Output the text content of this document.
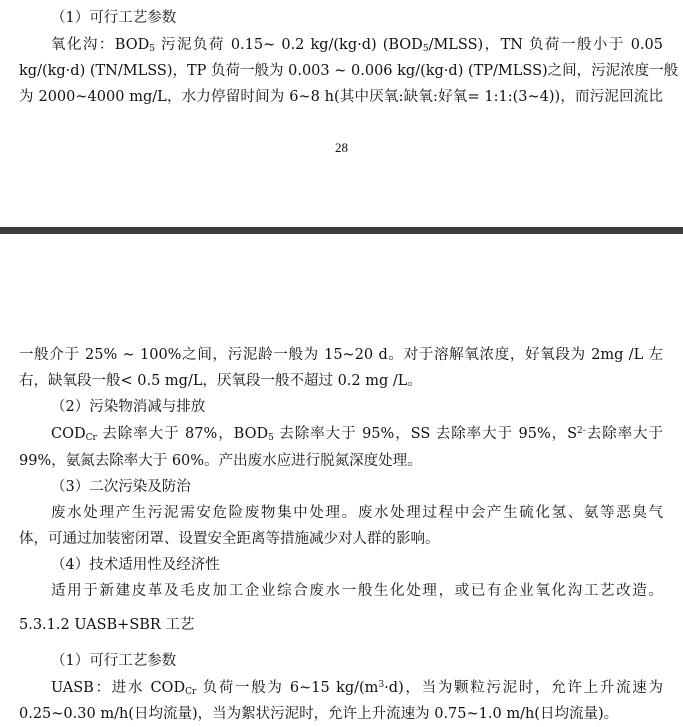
（1）可行工艺参数
氧化沟：$BOD_5$ 污泥负荷 0.15~ 0.2 kg/(kg·d) $(BOD_5/MLSS)$，TN 负荷一般小于 0.05
kg/(kg·d) (TN/MLSS)，TP 负荷一般为 0.003 ~ 0.006 kg/(kg·d) (TP/MLSS)之间，污泥浓度一般
为 2000~4000 mg/L，水力停留时间为 6~8 h(其中厌氧:缺氧:好氧= 1:1:(3~4))，而污泥回流比
28
一般介于 25% ~ 100%之间，污泥龄一般为 15~20 d。对于溶解氧浓度，好氧段为 2mg /L 左
右，缺氧段一般< 0.5 mg/L，厌氧段一般不超过 0.2 mg /L。
（2）污染物消减与排放
$COD_{Cr}$ 去除率大于 87%，$BOD_5$ 去除率大于 95%，SS 去除率大于 95%，$S^{2-}$去除率大于
99%，氨氮去除率大于 60%。产出废水应进行脱氮深度处理。
（3）二次污染及防治
废水处理产生污泥需安危险废物集中处理。废水处理过程中会产生硫化氢、氨等恶臭气
体，可通过加装密闭罩、设置安全距离等措施减少对人群的影响。
（4）技术适用性及经济性
适用于新建皮革及毛皮加工企业综合废水一般生化处理，或已有企业氧化沟工艺改造。
5.3.1.2 UASB+SBR 工艺
（1）可行工艺参数
UASB：进水 $COD_{Cr}$ 负荷一般为 6~15 $kg/(m^3\cdot d)$，当为颗粒污泥时，允许上升流速为
0.25~0.30 m/h(日均流量)，当为絮状污泥时，允许上升流速为 0.75~1.0 m/h(日均流量)。
